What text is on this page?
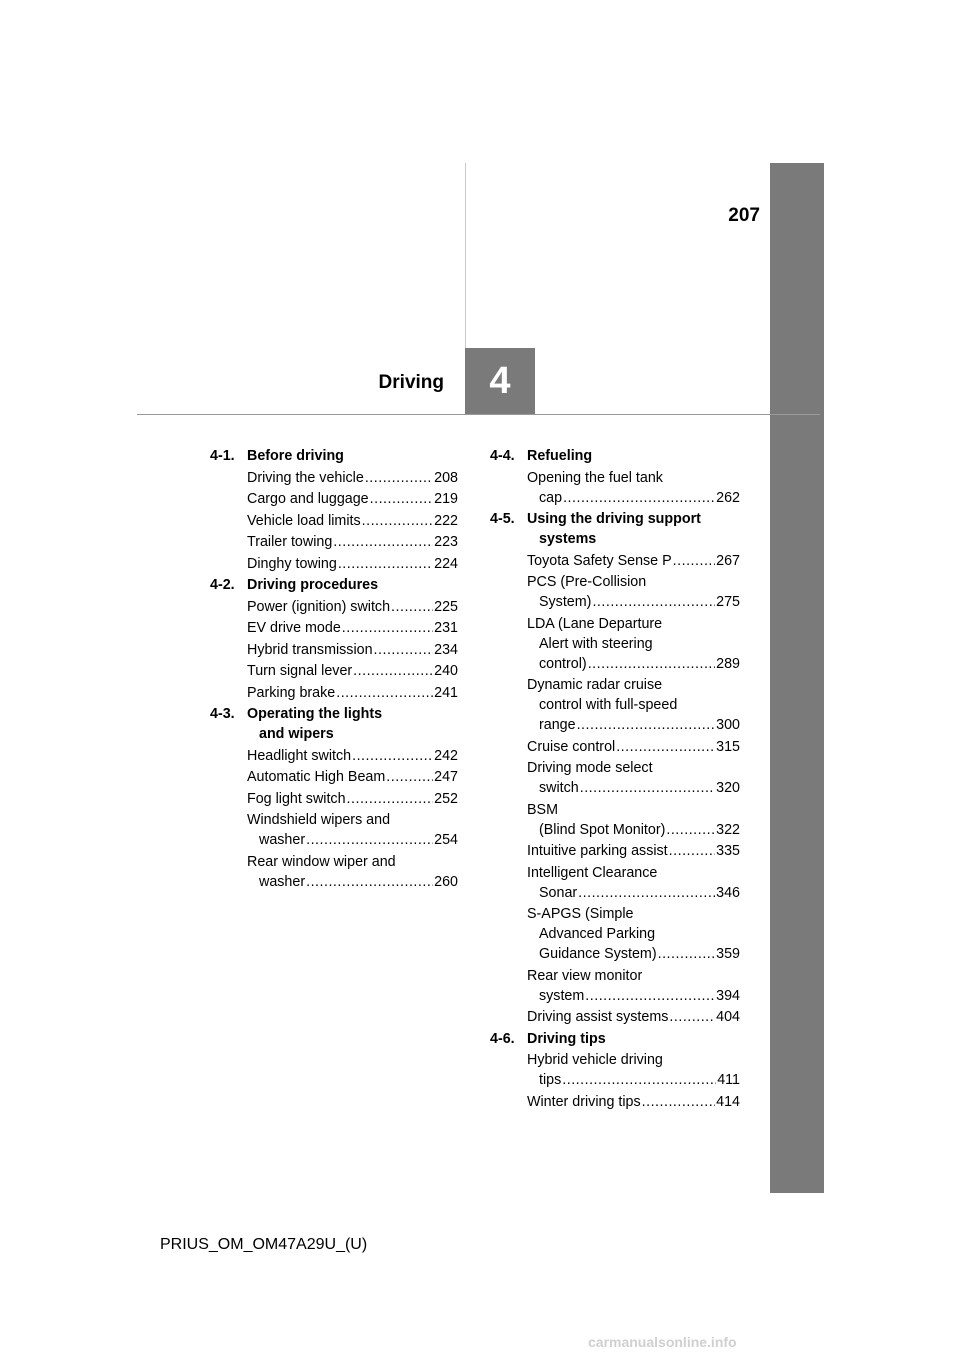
207
Driving 4
4-1. Before driving
Driving the vehicle .....	208
Cargo and luggage .....	219
Vehicle load limits .....	222
Trailer towing .....	223
Dinghy towing .....	224
4-2. Driving procedures
Power (ignition) switch .....	225
EV drive mode .....	231
Hybrid transmission .....	234
Turn signal lever .....	240
Parking brake .....	241
4-3. Operating the lights
and wipers
Headlight switch .....	242
Automatic High Beam .....	247
Fog light switch .....	252
Windshield wipers and
washer .....	254
Rear window wiper and
washer .....	260
4-4. Refueling
Opening the fuel tank
cap .....	262
4-5. Using the driving support
systems
Toyota Safety Sense P .....	267
PCS (Pre-Collision
System) .....	275
LDA (Lane Departure
Alert with steering
control) .....	289
Dynamic radar cruise
control with full-speed
range .....	300
Cruise control .....	315
Driving mode select
switch .....	320
BSM
(Blind Spot Monitor) .....	322
Intuitive parking assist .....	335
Intelligent Clearance
Sonar .....	346
S-APGS (Simple
Advanced Parking
Guidance System) .....	359
Rear view monitor
system .....	394
Driving assist systems .....	404
4-6. Driving tips
Hybrid vehicle driving
tips .....	411
Winter driving tips .....	414
PRIUS_OM_OM47A29U_(U)
carmanualsonline.info
